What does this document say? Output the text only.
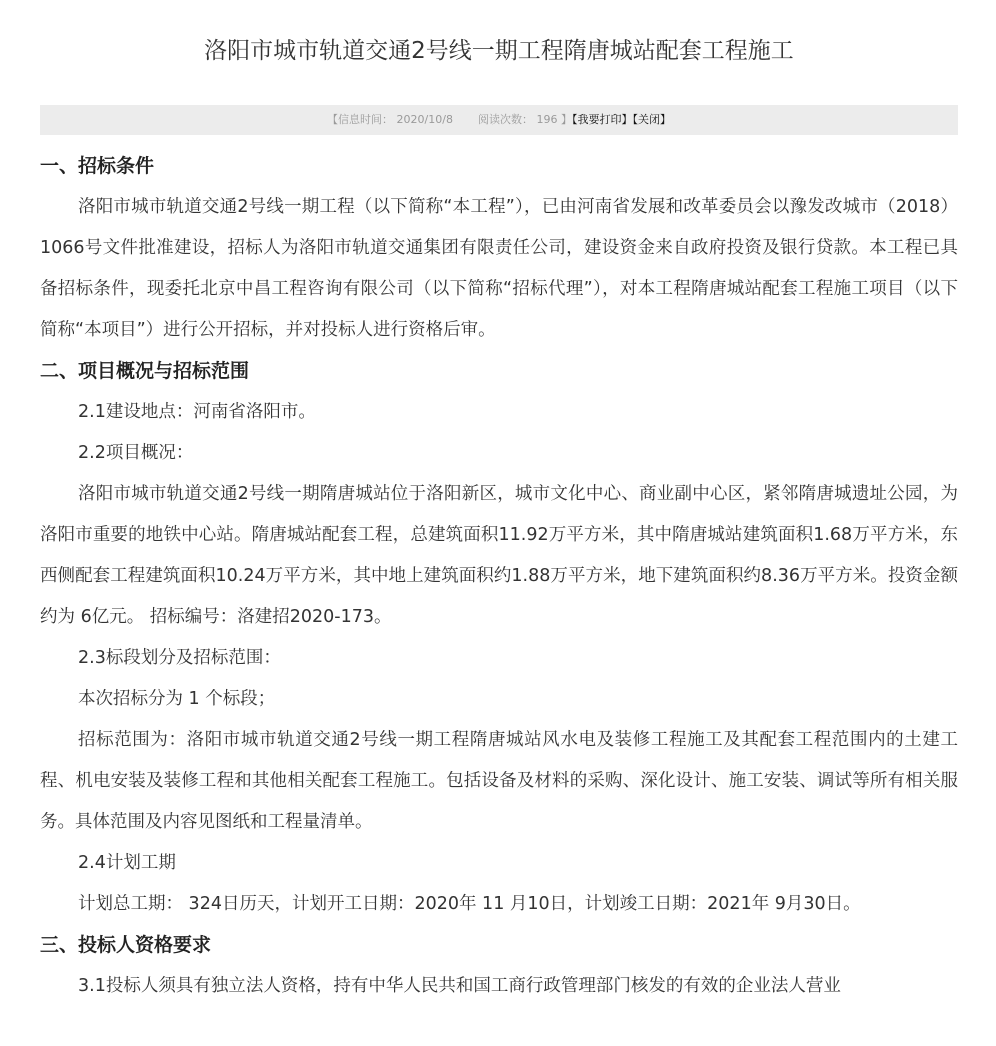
洛阳市城市轨道交通2号线一期工程隋唐城站配套工程施工
【信息时间： 2020/10/8 阅读次数： 196 】【我要打印】【关闭】

一、招标条件

洛阳市城市轨道交通2号线一期工程（以下简称“本工程”），已由河南省发展和改革委员会以豫发改城市（2018）1066号文件批准建设，招标人为洛阳市轨道交通集团有限责任公司，建设资金来自政府投资及银行贷款。本工程已具备招标条件，现委托北京中昌工程咨询有限公司（以下简称“招标代理”），对本工程隋唐城站配套工程施工项目（以下简称“本项目”）进行公开招标，并对投标人进行资格后审。

二、项目概况与招标范围

2.1建设地点：河南省洛阳市。

2.2项目概况：

洛阳市城市轨道交通2号线一期隋唐城站位于洛阳新区，城市文化中心、商业副中心区，紧邻隋唐城遗址公园，为洛阳市重要的地铁中心站。隋唐城站配套工程，总建筑面积11.92万平方米，其中隋唐城站建筑面积1.68万平方米，东西侧配套工程建筑面积10.24万平方米，其中地上建筑面积约1.88万平方米，地下建筑面积约8.36万平方米。投资金额约为 6亿元。 招标编号：洛建招2020-173。

2.3标段划分及招标范围：

本次招标分为 1 个标段；

招标范围为：洛阳市城市轨道交通2号线一期工程隋唐城站风水电及装修工程施工及其配套工程范围内的土建工程、机电安装及装修工程和其他相关配套工程施工。包括设备及材料的采购、深化设计、施工安装、调试等所有相关服务。具体范围及内容见图纸和工程量清单。

2.4计划工期

计划总工期： 324日历天，计划开工日期：2020年 11 月10日，计划竣工日期：2021年 9月30日。

三、投标人资格要求

3.1投标人须具有独立法人资格，持有中华人民共和国工商行政管理部门核发的有效的企业法人营业
